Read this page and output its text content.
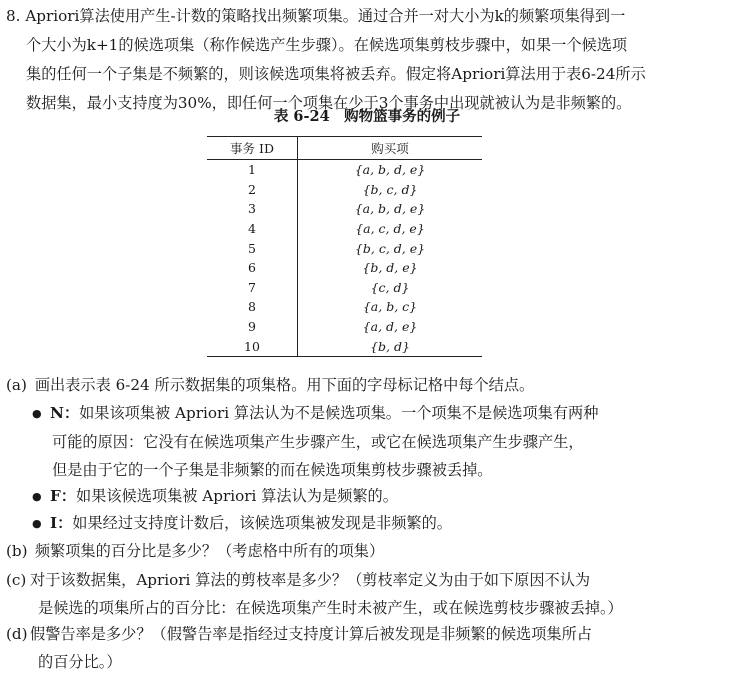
8. Apriori算法使用产生-计数的策略找出频繁项集。通过合并一对大小为k的频繁项集得到一
个大小为k+1的候选项集（称作候选产生步骤）。在候选项集剪枝步骤中，如果一个候选项
集的任何一个子集是不频繁的，则该候选项集将被丢弃。假定将Apriori算法用于表6-24所示
数据集，最小支持度为30%，即任何一个项集在少于3个事务中出现就被认为是非频繁的。
表 6-24　购物篮事务的例子
事务 ID	购买项
1	{a, b, d, e}
2	{b, c, d}
3	{a, b, d, e}
4	{a, c, d, e}
5	{b, c, d, e}
6	{b, d, e}
7	{c, d}
8	{a, b, c}
9	{a, d, e}
10	{b, d}
(a) 画出表示表 6-24 所示数据集的项集格。用下面的字母标记格中每个结点。
● N：如果该项集被 Apriori 算法认为不是候选项集。一个项集不是候选项集有两种
可能的原因：它没有在候选项集产生步骤产生，或它在候选项集产生步骤产生，
但是由于它的一个子集是非频繁的而在候选项集剪枝步骤被丢掉。
● F：如果该候选项集被 Apriori 算法认为是频繁的。
● I：如果经过支持度计数后，该候选项集被发现是非频繁的。
(b) 频繁项集的百分比是多少？（考虑格中所有的项集）
(c) 对于该数据集，Apriori 算法的剪枝率是多少？（剪枝率定义为由于如下原因不认为
是候选的项集所占的百分比：在候选项集产生时未被产生，或在候选剪枝步骤被丢掉。）
(d) 假警告率是多少？（假警告率是指经过支持度计算后被发现是非频繁的候选项集所占
的百分比。）
